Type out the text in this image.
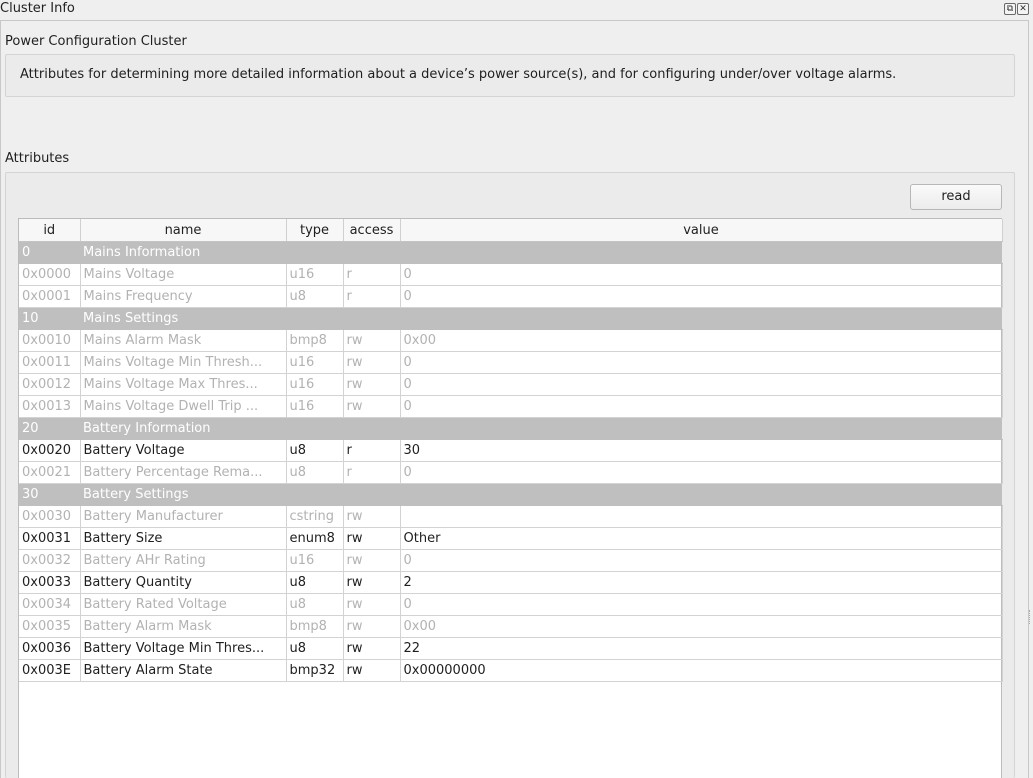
Cluster Info	⧉ ✕
Power Configuration Cluster
Attributes for determining more detailed information about a device’s power source(s), and for configuring under/over voltage alarms.
Attributes
read
id	name	type	access	value
0	Mains Information			
0x0000	Mains Voltage	u16	r	0
0x0001	Mains Frequency	u8	r	0
10	Mains Settings			
0x0010	Mains Alarm Mask	bmp8	rw	0x00
0x0011	Mains Voltage Min Thresh...	u16	rw	0
0x0012	Mains Voltage Max Thres...	u16	rw	0
0x0013	Mains Voltage Dwell Trip ...	u16	rw	0
20	Battery Information			
0x0020	Battery Voltage	u8	r	30
0x0021	Battery Percentage Rema...	u8	r	0
30	Battery Settings			
0x0030	Battery Manufacturer	cstring	rw	
0x0031	Battery Size	enum8	rw	Other
0x0032	Battery AHr Rating	u16	rw	0
0x0033	Battery Quantity	u8	rw	2
0x0034	Battery Rated Voltage	u8	rw	0
0x0035	Battery Alarm Mask	bmp8	rw	0x00
0x0036	Battery Voltage Min Thres...	u8	rw	22
0x003E	Battery Alarm State	bmp32	rw	0x00000000
